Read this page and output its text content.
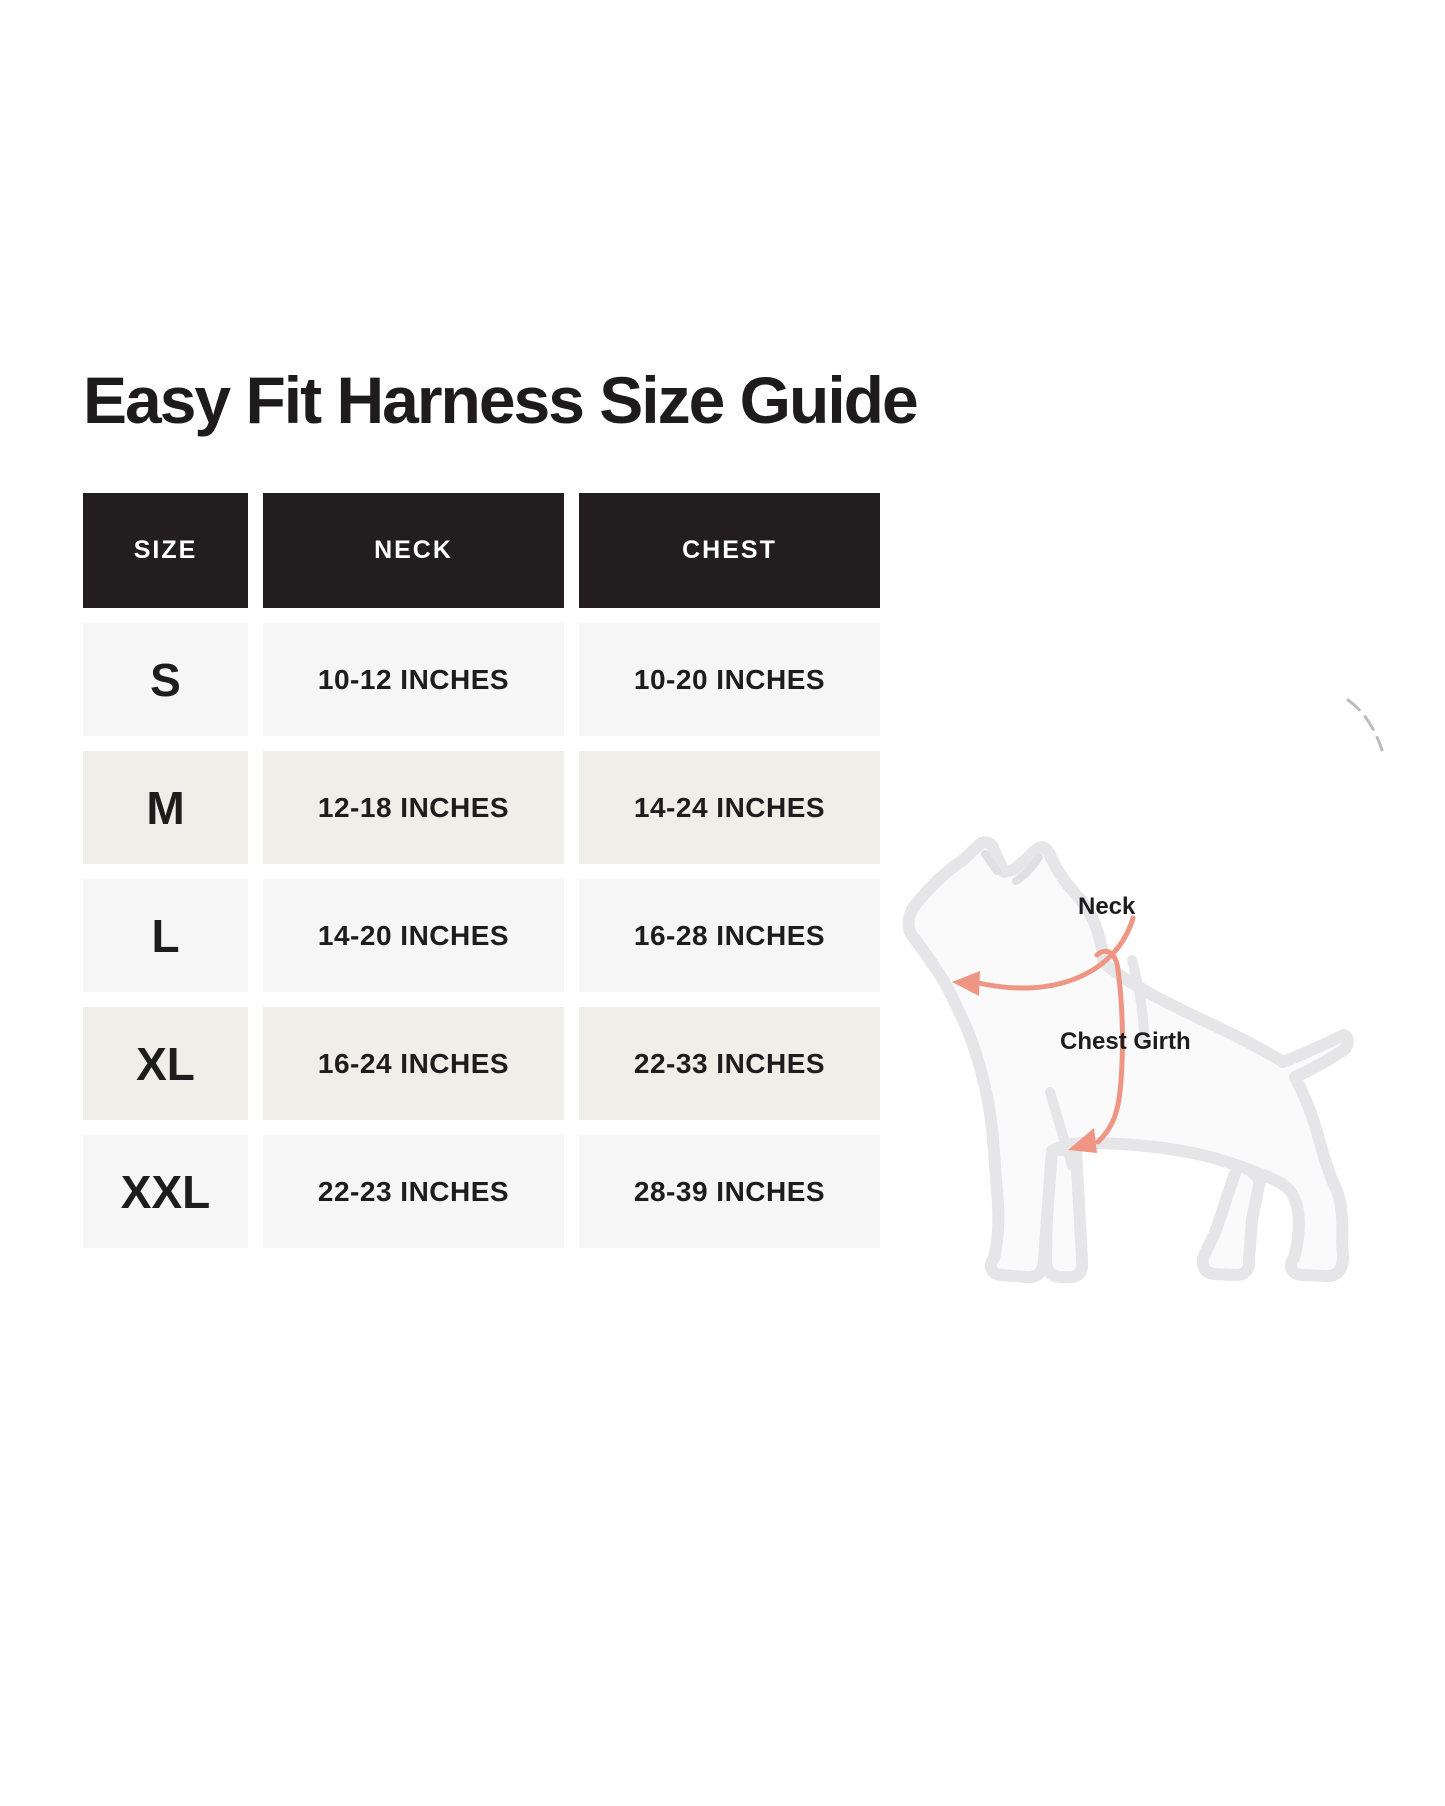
Easy Fit Harness Size Guide
SIZE	NECK	CHEST
S	10-12 INCHES	10-20 INCHES
M	12-18 INCHES	14-24 INCHES
L	14-20 INCHES	16-28 INCHES
XL	16-24 INCHES	22-33 INCHES
XXL	22-23 INCHES	28-39 INCHES
Neck
Chest Girth
